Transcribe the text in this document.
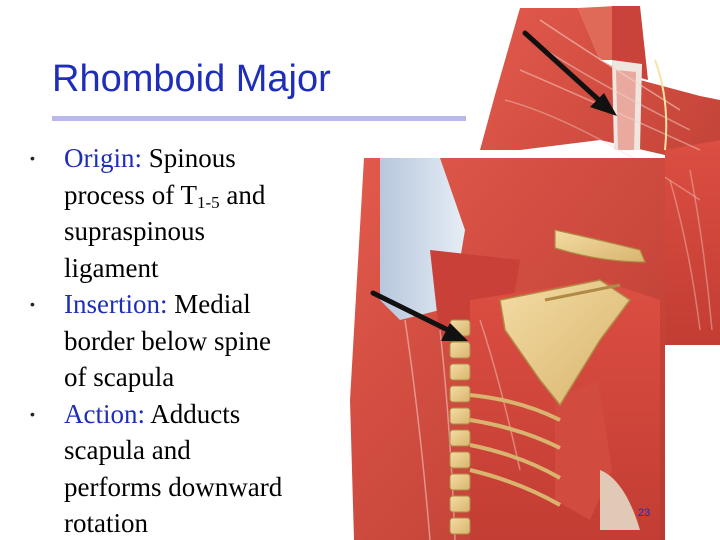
Rhomboid Major
• Origin: Spinous
process of $T_{1-5}$ and
supraspinous
ligament
• Insertion: Medial
border below spine
of scapula
• Action: Adducts
scapula and
performs downward
rotation	23
